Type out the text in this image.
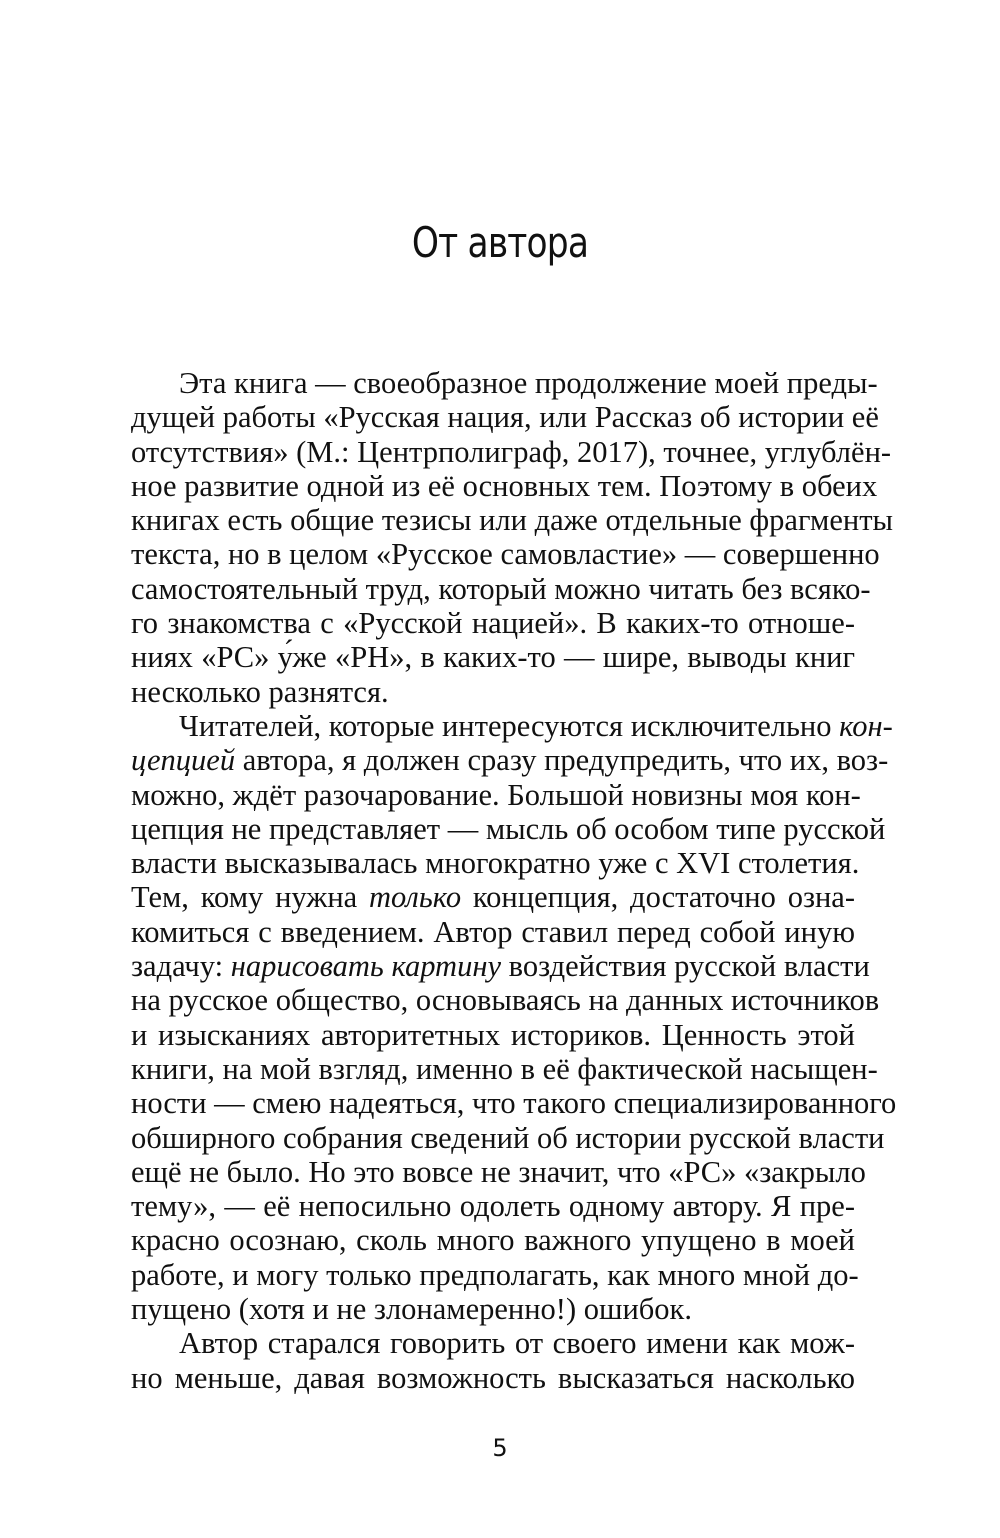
От автора
Эта книга — своеобразное продолжение моей преды-
дущей работы «Русская нация, или Рассказ об истории её
отсутствия» (М.: Центрполиграф, 2017), точнее, углублён-
ное развитие одной из её основных тем. Поэтому в обеих
книгах есть общие тезисы или даже отдельные фрагменты
текста, но в целом «Русское самовластие» — совершенно
самостоятельный труд, который можно читать без всяко-
го знакомства с «Русской нацией». В каких-то отноше-
ниях «РС» у́же «РН», в каких-то — шире, выводы книг
несколько разнятся.
Читателей, которые интересуются исключительно кон-
цепцией автора, я должен сразу предупредить, что их, воз-
можно, ждёт разочарование. Большой новизны моя кон-
цепция не представляет — мысль об особом типе русской
власти высказывалась многократно уже с XVI столетия.
Тем, кому нужна только концепция, достаточно озна-
комиться с введением. Автор ставил перед собой иную
задачу: нарисовать картину воздействия русской власти
на русское общество, основываясь на данных источников
и изысканиях авторитетных историков. Ценность этой
книги, на мой взгляд, именно в её фактической насыщен-
ности — смею надеяться, что такого специализированного
обширного собрания сведений об истории русской власти
ещё не было. Но это вовсе не значит, что «РС» «закрыло
тему», — её непосильно одолеть одному автору. Я пре-
красно осознаю, сколь много важного упущено в моей
работе, и могу только предполагать, как много мной до-
пущено (хотя и не злонамеренно!) ошибок.
Автор старался говорить от своего имени как мож-
но меньше, давая возможность высказаться насколько
5
